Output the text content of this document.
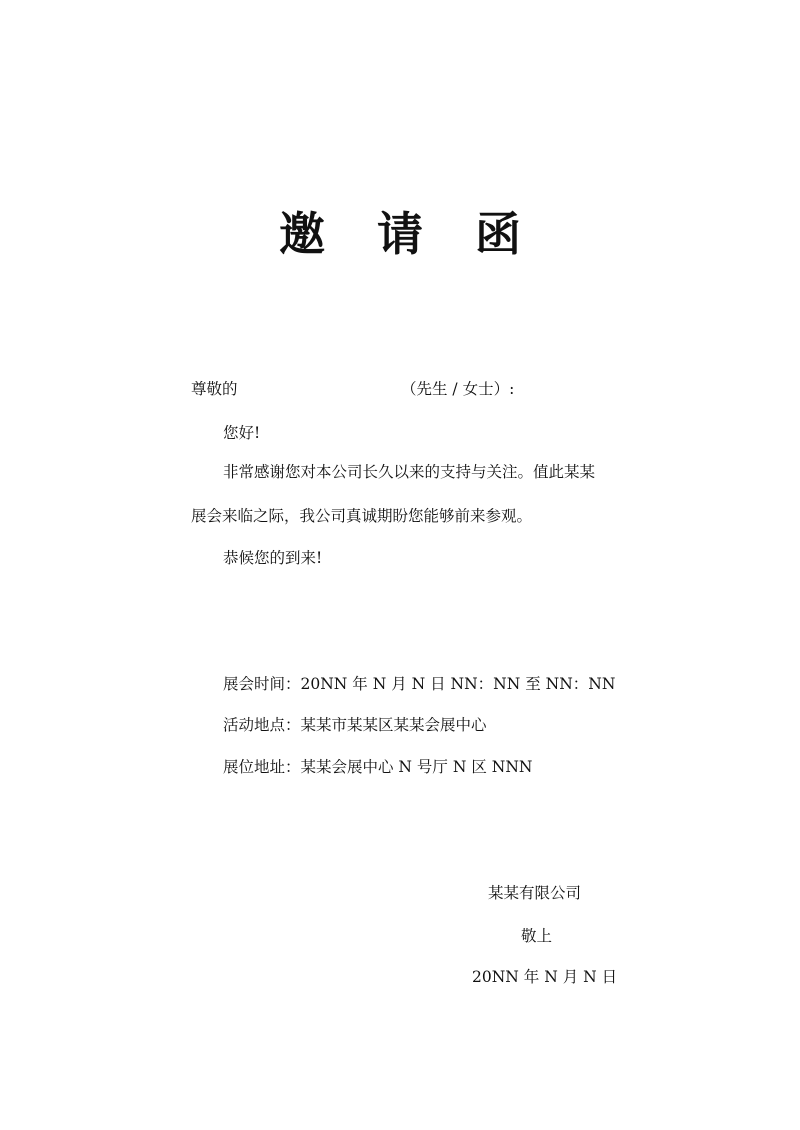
邀 请 函
尊敬的	（先生 / 女士）:
您好!
非常感谢您对本公司长久以来的支持与关注。值此某某
展会来临之际，我公司真诚期盼您能够前来参观。
恭候您的到来!
展会时间：20NN 年 N 月 N 日 NN：NN 至 NN：NN
活动地点：某某市某某区某某会展中心
展位地址：某某会展中心 N 号厅 N 区 NNN
某某有限公司
敬上
20NN 年 N 月 N 日
